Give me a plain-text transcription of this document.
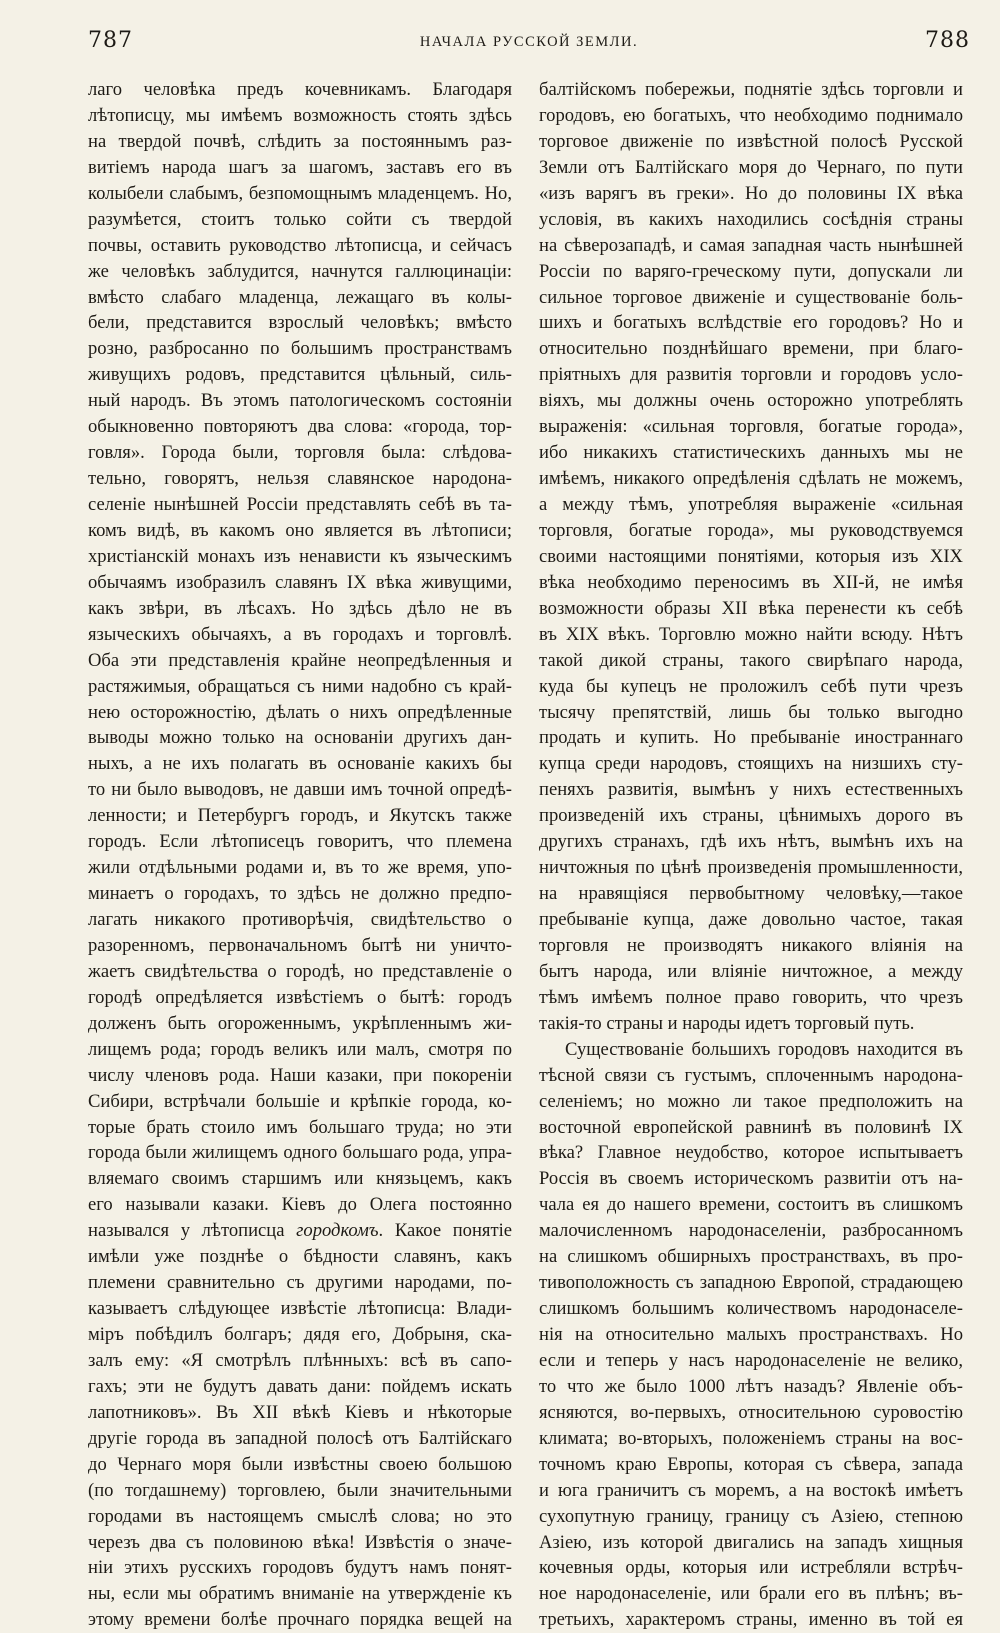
787	НАЧАЛА РУССКОЙ ЗЕМЛИ.	788
лаго человѣка предъ кочевникамъ. Благодаря
лѣтописцу, мы имѣемъ возможность стоять здѣсь
на твердой почвѣ, слѣдить за постояннымъ раз-
витіемъ народа шагъ за шагомъ, заставъ его въ
колыбели слабымъ, безпомощнымъ младенцемъ. Но,
разумѣется, стоитъ только сойти съ твердой
почвы, оставить руководство лѣтописца, и сейчасъ
же человѣкъ заблудится, начнутся галлюцинаціи:
вмѣсто слабаго младенца, лежащаго въ колы-
бели, представится взрослый человѣкъ; вмѣсто
розно, разбросанно по большимъ пространствамъ
живущихъ родовъ, представится цѣльный, силь-
ный народъ. Въ этомъ патологическомъ состояніи
обыкновенно повторяютъ два слова: «города, тор-
говля». Города были, торговля была: слѣдова-
тельно, говорятъ, нельзя славянское народона-
селеніе нынѣшней Россіи представлять себѣ въ та-
комъ видѣ, въ какомъ оно является въ лѣтописи;
христіанскій монахъ изъ ненависти къ языческимъ
обычаямъ изобразилъ славянъ IX вѣка живущими,
какъ звѣри, въ лѣсахъ. Но здѣсь дѣло не въ
языческихъ обычаяхъ, а въ городахъ и торговлѣ.
Оба эти представленія крайне неопредѣленныя и
растяжимыя, обращаться съ ними надобно съ край-
нею осторожностію, дѣлать о нихъ опредѣленные
выводы можно только на основаніи другихъ дан-
ныхъ, а не ихъ полагать въ основаніе какихъ бы
то ни было выводовъ, не давши имъ точной опредѣ-
ленности; и Петербургъ городъ, и Якутскъ также
городъ. Если лѣтописецъ говоритъ, что племена
жили отдѣльными родами и, въ то же время, упо-
минаетъ о городахъ, то здѣсь не должно предпо-
лагать никакого противорѣчія, свидѣтельство о
разоренномъ, первоначальномъ бытѣ ни уничто-
жаетъ свидѣтельства о городѣ, но представленіе о
городѣ опредѣляется извѣстіемъ о бытѣ: городъ
долженъ быть огороженнымъ, укрѣпленнымъ жи-
лищемъ рода; городъ великъ или малъ, смотря по
числу членовъ рода. Наши казаки, при покореніи
Сибири, встрѣчали большіе и крѣпкіе города, ко-
торые брать стоило имъ большаго труда; но эти
города были жилищемъ одного большаго рода, упра-
вляемаго своимъ старшимъ или князьцемъ, какъ
его называли казаки. Кіевъ до Олега постоянно
назывался у лѣтописца городкомъ. Какое понятіе
имѣли уже позднѣе о бѣдности славянъ, какъ
племени сравнительно съ другими народами, по-
казываетъ слѣдующее извѣстіе лѣтописца: Влади-
міръ побѣдилъ болгаръ; дядя его, Добрыня, ска-
залъ ему: «Я смотрѣлъ плѣнныхъ: всѣ въ сапо-
гахъ; эти не будутъ давать дани: пойдемъ искать
лапотниковъ». Въ XII вѣкѣ Кіевъ и нѣкоторые
другіе города въ западной полосѣ отъ Балтійскаго
до Чернаго моря были извѣстны своею большою
(по тогдашнему) торговлею, были значительными
городами въ настоящемъ смыслѣ слова; но это
черезъ два съ половиною вѣка! Извѣстія о значе-
ніи этихъ русскихъ городовъ будутъ намъ понят-
ны, если мы обратимъ вниманіе на утвержденіе къ
этому времени болѣе прочнаго порядка вещей на
балтійскомъ побережьи, поднятіе здѣсь торговли и
городовъ, ею богатыхъ, что необходимо поднимало
торговое движеніе по извѣстной полосѣ Русской
Земли отъ Балтійскаго моря до Чернаго, по пути
«изъ варягъ въ греки». Но до половины IX вѣка
условія, въ какихъ находились сосѣднія страны
на сѣверозападѣ, и самая западная часть нынѣшней
Россіи по варяго-греческому пути, допускали ли
сильное торговое движеніе и существованіе боль-
шихъ и богатыхъ вслѣдствіе его городовъ? Но и
относительно позднѣйшаго времени, при благо-
пріятныхъ для развитія торговли и городовъ усло-
віяхъ, мы должны очень осторожно употреблять
выраженія: «сильная торговля, богатые города»,
ибо никакихъ статистическихъ данныхъ мы не
имѣемъ, никакого опредѣленія сдѣлать не можемъ,
а между тѣмъ, употребляя выраженіе «сильная
торговля, богатые города», мы руководствуемся
своими настоящими понятіями, которыя изъ XIX
вѣка необходимо переносимъ въ XII-й, не имѣя
возможности образы XII вѣка перенести къ себѣ
въ XIX вѣкъ. Торговлю можно найти всюду. Нѣтъ
такой дикой страны, такого свирѣпаго народа,
куда бы купецъ не проложилъ себѣ пути чрезъ
тысячу препятствій, лишь бы только выгодно
продать и купить. Но пребываніе иностраннаго
купца среди народовъ, стоящихъ на низшихъ сту-
пеняхъ развитія, вымѣнъ у нихъ естественныхъ
произведеній ихъ страны, цѣнимыхъ дорого въ
другихъ странахъ, гдѣ ихъ нѣтъ, вымѣнъ ихъ на
ничтожныя по цѣнѣ произведенія промышленности,
на нравящіяся первобытному человѣку,—такое
пребываніе купца, даже довольно частое, такая
торговля не производятъ никакого вліянія на
бытъ народа, или вліяніе ничтожное, а между
тѣмъ имѣемъ полное право говорить, что чрезъ
такія-то страны и народы идетъ торговый путь.
Существованіе большихъ городовъ находится въ
тѣсной связи съ густымъ, сплоченнымъ народона-
селеніемъ; но можно ли такое предположить на
восточной европейской равнинѣ въ половинѣ IX
вѣка? Главное неудобство, которое испытываетъ
Россія въ своемъ историческомъ развитіи отъ на-
чала ея до нашего времени, состоитъ въ слишкомъ
малочисленномъ народонаселеніи, разбросанномъ
на слишкомъ обширныхъ пространствахъ, въ про-
тивоположность съ западною Европой, страдающею
слишкомъ большимъ количествомъ народонаселе-
нія на относительно малыхъ пространствахъ. Но
если и теперь у насъ народонаселеніе не велико,
то что же было 1000 лѣтъ назадъ? Явленіе объ-
ясняются, во-первыхъ, относительною суровостію
климата; во-вторыхъ, положеніемъ страны на вос-
точномъ краю Европы, которая съ сѣвера, запада
и юга граничитъ съ моремъ, а на востокѣ имѣетъ
сухопутную границу, границу съ Азіею, степною
Азіею, изъ которой двигались на западъ хищныя
кочевныя орды, которыя или истребляли встрѣч-
ное народонаселеніе, или брали его въ плѣнъ; въ-
третьихъ, характеромъ страны, именно въ той ея
